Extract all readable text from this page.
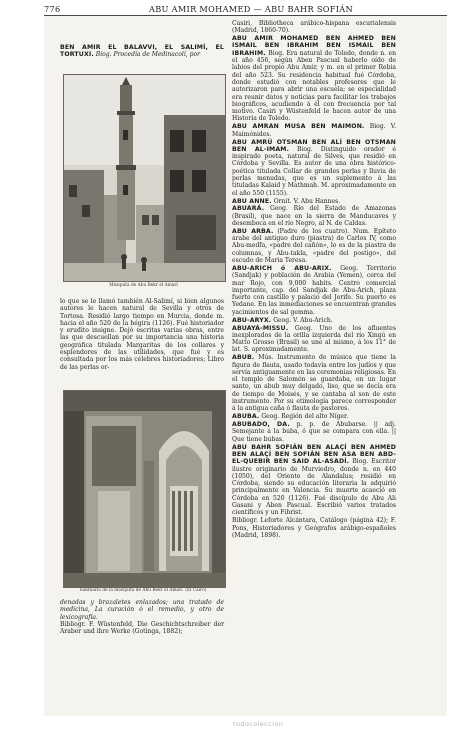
776	ABU AMIR MOHAMED — ABU BAHR SOFIÁN

BEN AMIR EL BALAVVI, EL SALIMÍ, EL TORTUXI. Biog. Procedía de Medinacolí, por

Mezquita de Abu Bekr el Amarí

lo que se le llamó también Al-Salimí, si bien algunos autores le hacen natural de Sevilla y otros de Tortosa. Residió largo tiempo en Murcia, donde m. hacia el año 520 de la hégira (1126). Fué historiador y erudito insigne. Dejó escritas varias obras, entre las que descuellan por su importancia una historia geográfica titulada Margaritas de los collares y esplendores de las utilidades, que fué y es consultada por los más célebres historiadores; Libro de las perlas or-

Santuario de la mezquita de Abu Bekr el Amarí. (El Cairo)

denadas y brazaletes enlazados; una tratado de medicina, La curación ó el remedio, y otro de lexicografía.

Bibliogr. F. Wüstenfeld, Die Geschichtschreiber der Araber und ihre Werke (Gotinga, 1882);

Casiri, Bibliotheca arábico-hispana escurialensis (Madrid, 1860-70).

ABU AMIR MOHAMED BEN AHMED BEN ISMAIL BEN IBRAHIM BEN ISMAIL BEN IBRAHIM. Biog. Era natural de Toledo, donde n. en el año 456, según Aben Pascual haberlo oído de labios del propio Abu Amir, y m. en el primer Rebia del año 523. Su residencia habitual fué Córdoba, donde estudió con notables profesores que le autorizaron para abrir una escuela; se especialidad era reunir datos y noticias para facilitar los trabajos biográficos, acudiendo á él con frecuencia por tal motivo. Casiri y Wüstenfeld le hacen autor de una Historia de Toledo.

ABU AMRAN MUSA BEN MAIMON. Biog. V. Maimónides.

ABU AMRÚ OTSMAN BEN ALÍ BEN OTSMAN BEN AL-IMAM. Biog. Distinguido orador é inspirado poeta, natural de Silves, que residió en Córdoba y Sevilla. Es autor de una obra histórico-poética titulada Collar de grandes perlas y lluvia de perlas menudas, que es un suplemento á las tituladas Kalaid y Mathmah. M. aproximadamente en el año 550 (1155).

ABU ANNE. Ornit. V. Abu Hannes.

ABUARÁ. Geog. Río del Estado de Amazonas (Brasil), que nace en la sierra de Manducaves y desemboca en el río Negro, al N. de Caldas.

ABU ARBA. (Padre de los cuatro). Num. Epíteto árabe del antiguo duro (piastra) de Carlos IV, como Abu-medfa, «padre del cañón», lo es de la piastra de columnas, y Abu-takla, «padre del postigo», del escudo de Maria Teresa.

ABU-ARICH ó ABU-ARIX. Geog. Territorio (Sandjak) y población de Arabia (Yemen), cerca del mar Rojo, con 9,000 habits. Centro comercial importante, cap. del Sandjak de Abu-Arich, plaza fuerte con castillo y palacio del Jerife. Su puerto es Yedane. En las inmediaciones se encuentran grandes yacimientos de sal gemma.

ABU-ARYX. Geog. V. Abu-Arich.

ABUAYÁ-MISSU. Geog. Uno de los afluentes inexplorados de la orilla izquierda del río Xingú en Matto Grosso (Brasil) se une al mismo, á los 11° de lat. S. aproximadamente.

ABUB. Mús. Instrumento de música que tiene la figura de flauta, usado todavía entre los judíos y que servía antiguamente en las ceremonias religiosas. En el templo de Salomón se guardaba, en un lugar santo, un abub muy delgado, liso, que se decía era de tiempo de Moisés, y se cantaba al son de este instrumento. Por su etimología parece corresponder á la antigua caña ó flauta de pastores.

ABUBA. Geog. Región del alto Níger.

ABUBADO, DA. p. p. de Abubarse. || adj. Semejante á la buba, ó que se compara con ella. || Que tiene bubas.

ABU BAHR SOFIÁN BEN ALAÇÍ BEN AHMED BEN ALAÇÍ BEN SOFIÁN BEN ASA BEN ABD-EL-QUEBIR BEN SAID AL-ASADÍ. Biog. Escritor ilustre originario de Murviedro, donde n. en 440 (1050), del Oriente de Alandalus; residió en Córdoba, siendo su educación literaria la adquirió principalmente en Valencia. Su muerte acaeció en Córdoba en 520 (1126). Fué discípulo de Abu Ali Gasani y Aben Pascual. Escribió varios tratados científicos y un Fihrist.

Bibliogr. Leforte Alcántara, Catálogo (página 42); F. Pons, Historiadores y Geógrafos arábigo-españoles (Madrid, 1898).

todocoleccion
